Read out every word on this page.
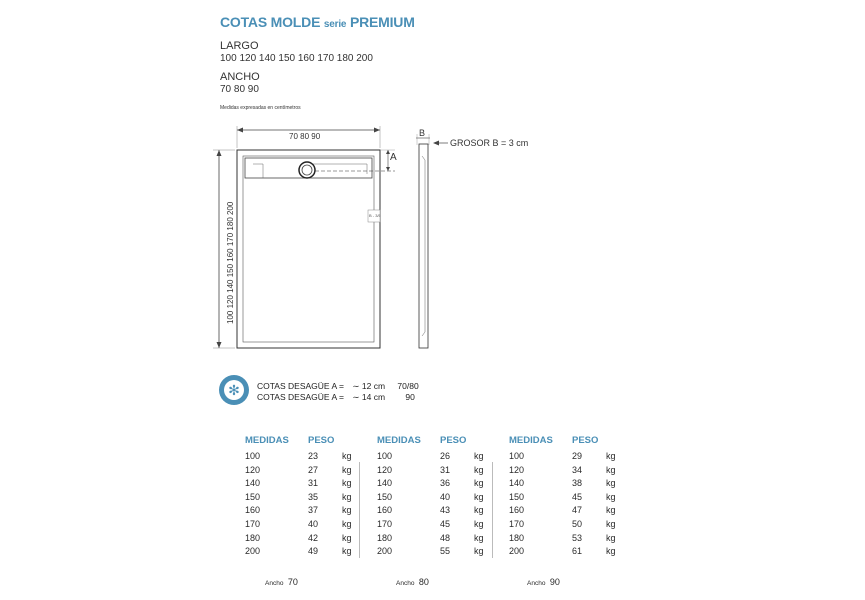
COTAS MOLDE serie PREMIUM
LARGO
100 120 140 150 160 170 180 200
ANCHO
70 80 90
Medidas expresadas en centímetros
70 80 90
100 120 140 150 160 170 180 200
A
B
GROSOR B = 3 cm
B - 3/5
✻	COTAS DESAGÜE A = ∼ 12 cm 70/80
COTAS DESAGÜE A = ∼ 14 cm 90
MEDIDAS PESO
100	23	kg
120	27	kg
140	31	kg
150	35	kg
160	37	kg
170	40	kg
180	42	kg
200	49	kg
MEDIDAS PESO
100	26	kg
120	31	kg
140	36	kg
150	40	kg
160	43	kg
170	45	kg
180	48	kg
200	55	kg
MEDIDAS PESO
100	29	kg
120	34	kg
140	38	kg
150	45	kg
160	47	kg
170	50	kg
180	53	kg
200	61	kg
Ancho 70	Ancho 80	Ancho 90
